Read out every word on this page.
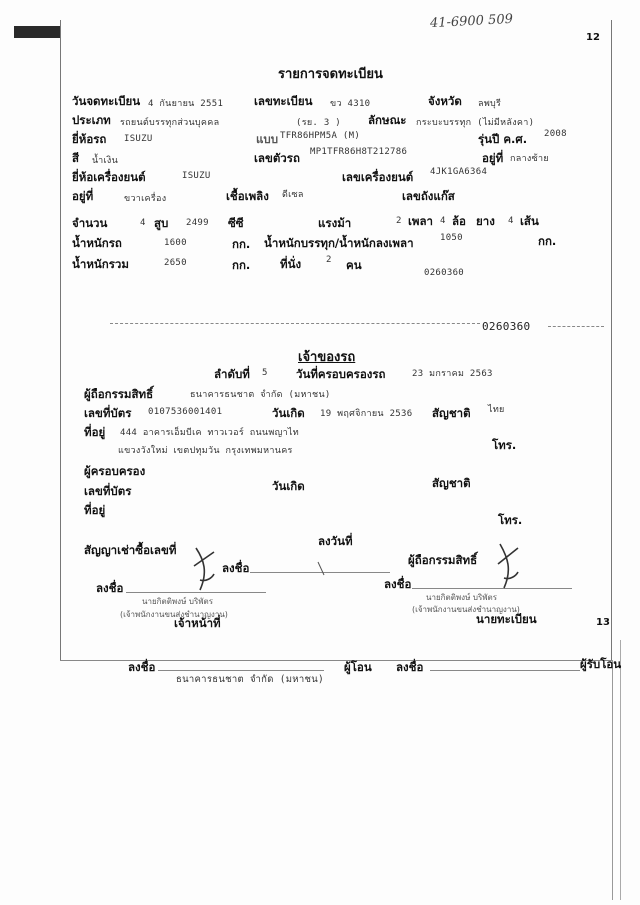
41-6900 509
12
รายการจดทะเบียน
วันจดทะเบียน 4 กันยายน 2551	เลขทะเบียน ขว 4310	จังหวัด ลพบุรี
ประเภท รถยนต์บรรทุกส่วนบุคคล	(รย. 3 ) ลักษณะ กระบะบรรทุก (ไม่มีหลังคา)
ยี่ห้อรถ ISUZU	แบบ TFR86HPM5A (M)	รุ่นปี ค.ศ. 2008
สี น้ำเงิน	เลขตัวรถ MP1TFR86H8T212786	อยู่ที่ กลางซ้าย
ยี่ห้อเครื่องยนต์	ISUZU	เลขเครื่องยนต์ 4JK1GA6364
อยู่ที่	ขวาเครื่อง	เชื้อเพลิง ดีเซล	เลขถังแก๊ส
จำนวน	4 สูบ 2499 ซีซี	แรงม้า	2 เพลา 4 ล้อ ยาง 4 เส้น
น้ำหนักรถ	1600	กก. น้ำหนักบรรทุก/น้ำหนักลงเพลา	1050	กก.
น้ำหนักรวม	2650	กก.	ที่นั่ง	2 คน
0260360
0260360
เจ้าของรถ
ลำดับที่ 5 วันที่ครอบครองรถ	23 มกราคม 2563
ผู้ถือกรรมสิทธิ์	ธนาคารธนชาต จำกัด (มหาชน)
เลขที่บัตร 0107536001401	วันเกิด 19 พฤศจิกายน 2536 สัญชาติ ไทย
ที่อยู่ 444 อาคารเอ็มบีเค ทาวเวอร์ ถนนพญาไท
แขวงวังใหม่ เขตปทุมวัน กรุงเทพมหานคร	โทร.
ผู้ครอบครอง
เลขที่บัตร	วันเกิด	สัญชาติ
ที่อยู่
โทร.
สัญญาเช่าซื้อเลขที่
ลงวันที่
ลงชื่อ
ผู้ถือกรรมสิทธิ์
ลงชื่อ
นายกิตติพงษ์ บริพัตร
(เจ้าพนักงานขนส่งชำนาญงาน)
เจ้าหน้าที่
ลงชื่อ
นายกิตติพงษ์ บริพัตร
(เจ้าพนักงานขนส่งชำนาญงาน)
นายทะเบียน	13
ลงชื่อ	ผู้โอน ลงชื่อ	ผู้รับโอน
ธนาคารธนชาต จำกัด (มหาชน)
